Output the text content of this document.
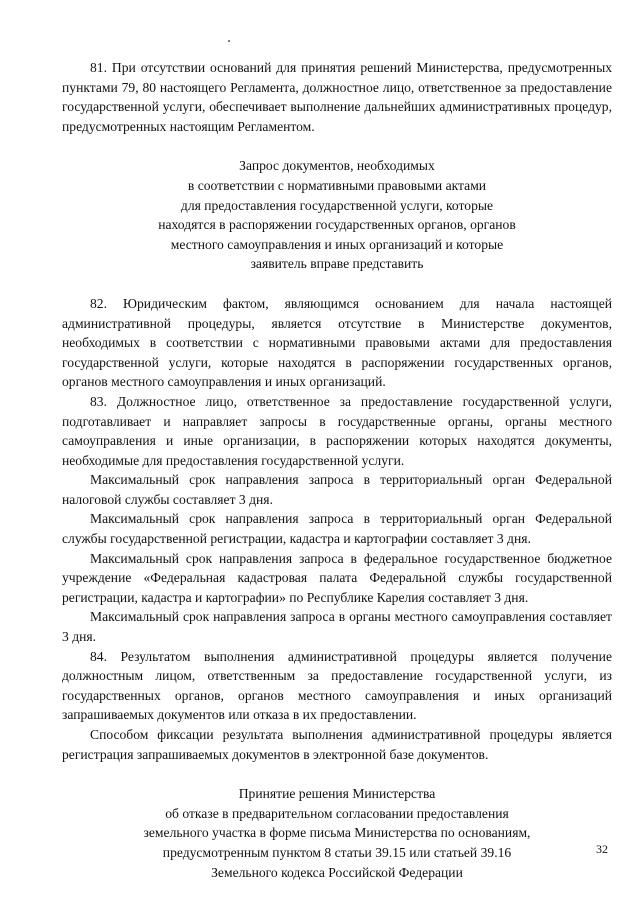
81. При отсутствии оснований для принятия решений Министерства, предусмотренных пунктами 79, 80 настоящего Регламента, должностное лицо, ответственное за предоставление государственной услуги, обеспечивает выполнение дальнейших административных процедур, предусмотренных настоящим Регламентом.

Запрос документов, необходимых

в соответствии с нормативными правовыми актами

для предоставления государственной услуги, которые

находятся в распоряжении государственных органов, органов

местного самоуправления и иных организаций и которые

заявитель вправе представить

82. Юридическим фактом, являющимся основанием для начала настоящей административной процедуры, является отсутствие в Министерстве документов, необходимых в соответствии с нормативными правовыми актами для предоставления государственной услуги, которые находятся в распоряжении государственных органов, органов местного самоуправления и иных организаций.

83. Должностное лицо, ответственное за предоставление государственной услуги, подготавливает и направляет запросы в государственные органы, органы местного самоуправления и иные организации, в распоряжении которых находятся документы, необходимые для предоставления государственной услуги.

Максимальный срок направления запроса в территориальный орган Федеральной налоговой службы составляет 3 дня.

Максимальный срок направления запроса в территориальный орган Федеральной службы государственной регистрации, кадастра и картографии составляет 3 дня.

Максимальный срок направления запроса в федеральное государственное бюджетное учреждение «Федеральная кадастровая палата Федеральной службы государственной регистрации, кадастра и картографии» по Республике Карелия составляет 3 дня.

Максимальный срок направления запроса в органы местного самоуправления составляет 3 дня.

84. Результатом выполнения административной процедуры является получение должностным лицом, ответственным за предоставление государственной услуги, из государственных органов, органов местного самоуправления и иных организаций запрашиваемых документов или отказа в их предоставлении.

Способом фиксации результата выполнения административной процедуры является регистрация запрашиваемых документов в электронной базе документов.

Принятие решения Министерства

об отказе в предварительном согласовании предоставления

земельного участка в форме письма Министерства по основаниям,

предусмотренным пунктом 8 статьи 39.15 или статьей 39.16

Земельного кодекса Российской Федерации

32
